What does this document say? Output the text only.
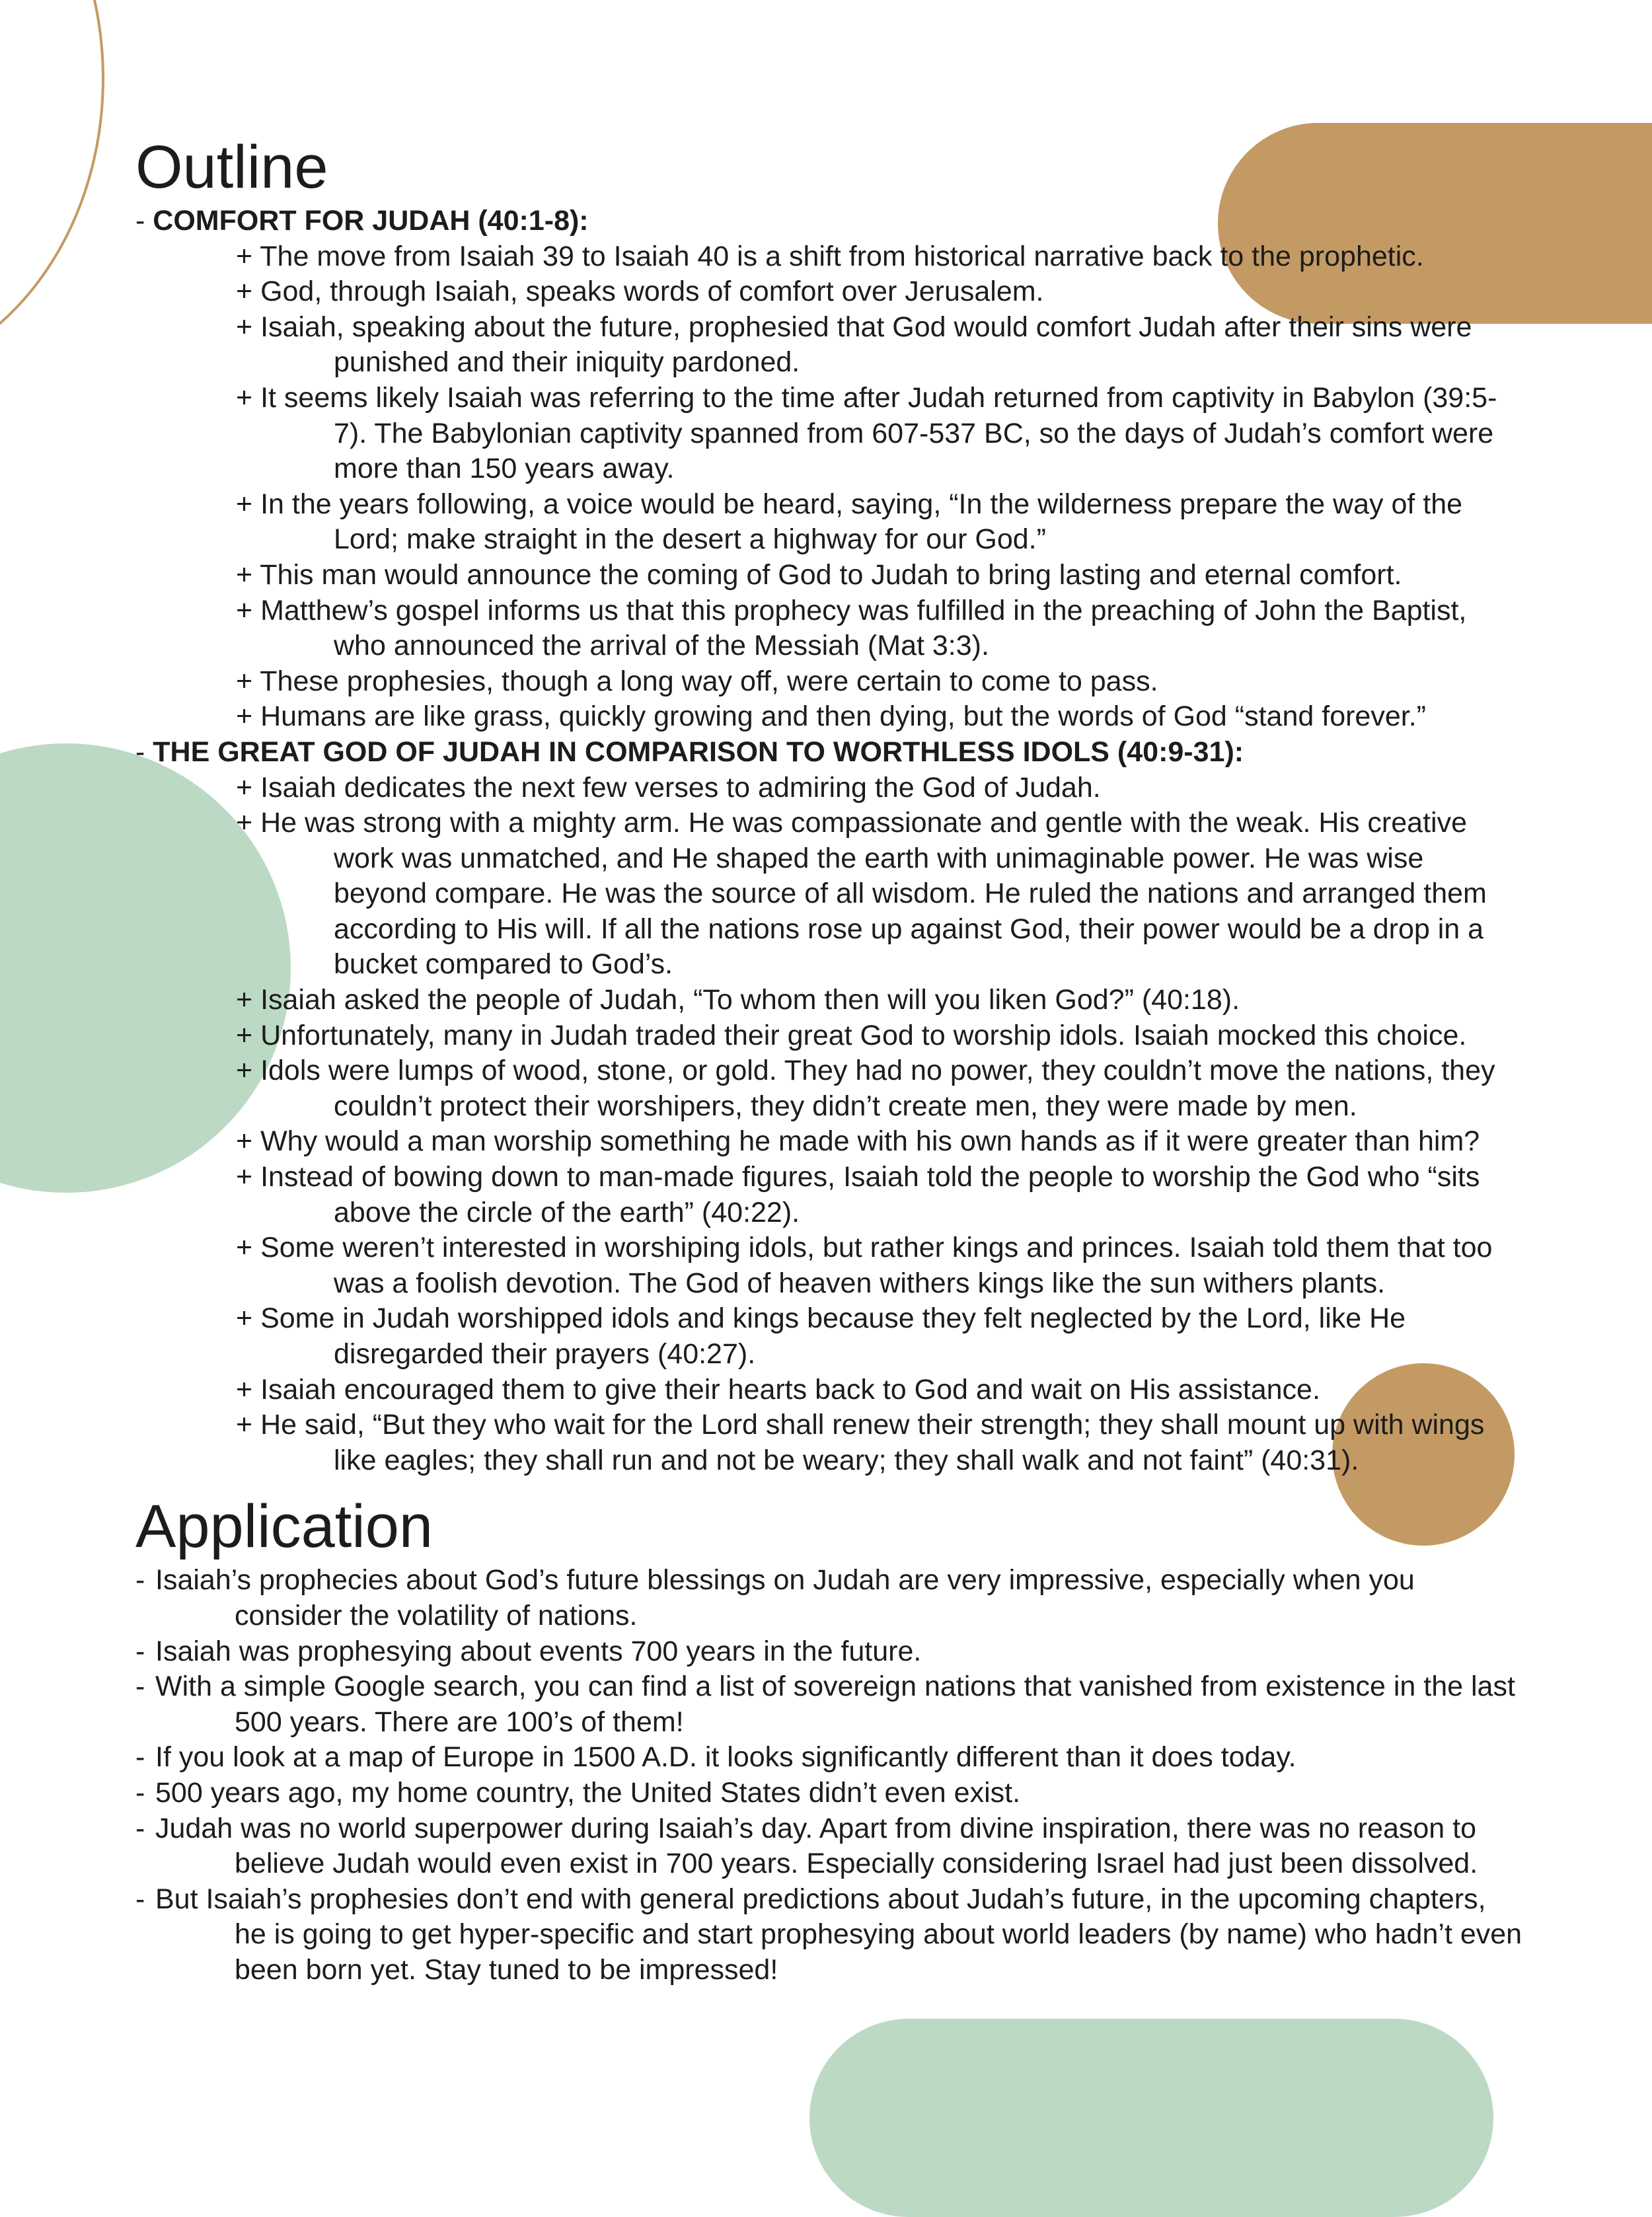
Outline

- COMFORT FOR JUDAH (40:1-8):

+ The move from Isaiah 39 to Isaiah 40 is a shift from historical narrative back to the prophetic.

+ God, through Isaiah, speaks words of comfort over Jerusalem.

+ Isaiah, speaking about the future, prophesied that God would comfort Judah after their sins were punished and their iniquity pardoned.

+ It seems likely Isaiah was referring to the time after Judah returned from captivity in Babylon (39:5-7). The Babylonian captivity spanned from 607-537 BC, so the days of Judah’s comfort were more than 150 years away.

+ In the years following, a voice would be heard, saying, “In the wilderness prepare the way of the Lord; make straight in the desert a highway for our God.”

+ This man would announce the coming of God to Judah to bring lasting and eternal comfort.

+ Matthew’s gospel informs us that this prophecy was fulfilled in the preaching of John the Baptist, who announced the arrival of the Messiah (Mat 3:3).

+ These prophesies, though a long way off, were certain to come to pass.

+ Humans are like grass, quickly growing and then dying, but the words of God “stand forever.”

- THE GREAT GOD OF JUDAH IN COMPARISON TO WORTHLESS IDOLS (40:9-31):

+ Isaiah dedicates the next few verses to admiring the God of Judah.

+ He was strong with a mighty arm. He was compassionate and gentle with the weak. His creative work was unmatched, and He shaped the earth with unimaginable power. He was wise beyond compare. He was the source of all wisdom. He ruled the nations and arranged them according to His will. If all the nations rose up against God, their power would be a drop in a bucket compared to God’s.

+ Isaiah asked the people of Judah, “To whom then will you liken God?” (40:18).

+ Unfortunately, many in Judah traded their great God to worship idols. Isaiah mocked this choice.

+ Idols were lumps of wood, stone, or gold. They had no power, they couldn’t move the nations, they couldn’t protect their worshipers, they didn’t create men, they were made by men.

+ Why would a man worship something he made with his own hands as if it were greater than him?

+ Instead of bowing down to man-made figures, Isaiah told the people to worship the God who “sits above the circle of the earth” (40:22).

+ Some weren’t interested in worshiping idols, but rather kings and princes. Isaiah told them that too was a foolish devotion. The God of heaven withers kings like the sun withers plants.

+ Some in Judah worshipped idols and kings because they felt neglected by the Lord, like He disregarded their prayers (40:27).

+ Isaiah encouraged them to give their hearts back to God and wait on His assistance.

+ He said, “But they who wait for the Lord shall renew their strength; they shall mount up with wings like eagles; they shall run and not be weary; they shall walk and not faint” (40:31).

Application

- Isaiah’s prophecies about God’s future blessings on Judah are very impressive, especially when you consider the volatility of nations.

- Isaiah was prophesying about events 700 years in the future.

- With a simple Google search, you can find a list of sovereign nations that vanished from existence in the last 500 years. There are 100’s of them!

- If you look at a map of Europe in 1500 A.D. it looks significantly different than it does today.

- 500 years ago, my home country, the United States didn’t even exist.

- Judah was no world superpower during Isaiah’s day. Apart from divine inspiration, there was no reason to believe Judah would even exist in 700 years. Especially considering Israel had just been dissolved.

- But Isaiah’s prophesies don’t end with general predictions about Judah’s future, in the upcoming chapters, he is going to get hyper-specific and start prophesying about world leaders (by name) who hadn’t even been born yet. Stay tuned to be impressed!
